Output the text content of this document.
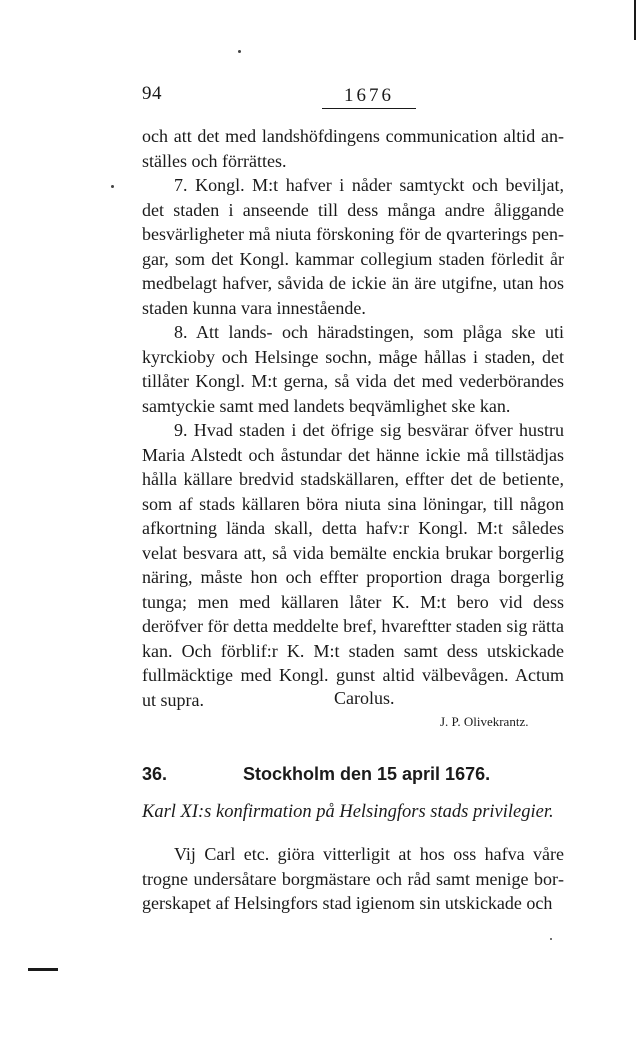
94	1676

och att det med landshöfdingens communication altid anställes och förrättes.

7. Kongl. M:t hafver i nåder samtyckt och beviljat, det staden i anseende till dess många andre åliggande besvärligheter må niuta förskoning för de qvarterings pengar, som det Kongl. kammar collegium staden förledit år medbelagt hafver, såvida de ickie än äre utgifne, utan hos staden kunna vara innestående.

8. Att lands- och häradstingen, som plåga ske uti kyrckioby och Helsinge sochn, måge hållas i staden, det tillåter Kongl. M:t gerna, så vida det med vederbörandes samtyckie samt med landets beqvämlighet ske kan.

9. Hvad staden i det öfrige sig besvärar öfver hustru Maria Alstedt och åstundar det hänne ickie må tillstädjas hålla källare bredvid stadskällaren, effter det de betiente, som af stads källaren böra niuta sina löningar, till någon afkortning lända skall, detta hafv:r Kongl. M:t således velat besvara att, så vida bemälte enckia brukar borgerlig näring, måste hon och effter proportion draga borgerlig tunga; men med källaren låter K. M:t bero vid dess deröfver för detta meddelte bref, hvareftter staden sig rätta kan. Och förblif:r K. M:t staden samt dess utskickade fullmäcktige med Kongl. gunst altid välbevågen. Actum ut supra.	Carolus.
J. P. Olivekrantz.
36.	Stockholm den 15 april 1676.
Karl XI:s konfirmation på Helsingfors stads privilegier.

Vij Carl etc. giöra vitterligit at hos oss hafva våre trogne undersåtare borgmästare och råd samt menige borgerskapet af Helsingfors stad igienom sin utskickade och
